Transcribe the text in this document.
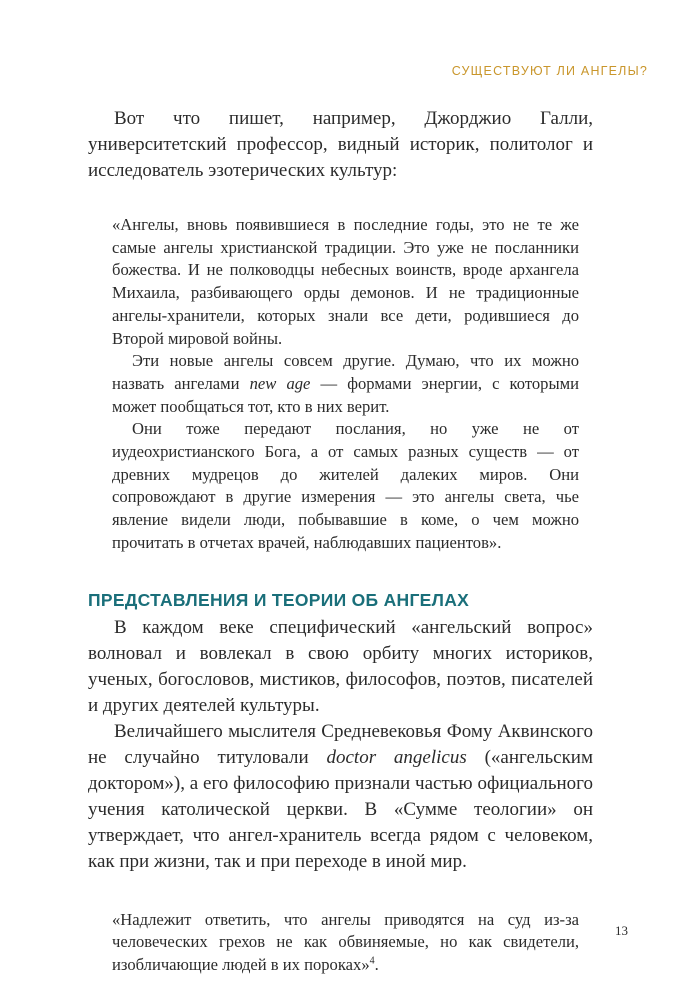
СУЩЕСТВУЮТ ЛИ АНГЕЛЫ?

Вот что пишет, например, Джорджио Галли, университетский профессор, видный историк, политолог и исследователь эзотерических культур:

«Ангелы, вновь появившиеся в последние годы, это не те же самые ангелы христианской традиции. Это уже не посланники божества. И не полководцы небесных воинств, вроде архангела Михаила, разбивающего орды демонов. И не традиционные ангелы-хранители, которых знали все дети, родившиеся до Второй мировой войны.

Эти новые ангелы совсем другие. Думаю, что их можно назвать ангелами new age — формами энергии, с которыми может пообщаться тот, кто в них верит.

Они тоже передают послания, но уже не от иудеохристианского Бога, а от самых разных существ — от древних мудрецов до жителей далеких миров. Они сопровождают в другие измерения — это ангелы света, чье явление видели люди, побывавшие в коме, о чем можно прочитать в отчетах врачей, наблюдавших пациентов».

ПРЕДСТАВЛЕНИЯ И ТЕОРИИ ОБ АНГЕЛАХ

В каждом веке специфический «ангельский вопрос» волновал и вовлекал в свою орбиту многих историков, ученых, богословов, мистиков, философов, поэтов, писателей и других деятелей культуры.

Величайшего мыслителя Средневековья Фому Аквинского не случайно титуловали doctor angelicus («ангельским доктором»), а его философию признали частью официального учения католической церкви. В «Сумме теологии» он утверждает, что ангел-хранитель всегда рядом с человеком, как при жизни, так и при переходе в иной мир.

«Надлежит ответить, что ангелы приводятся на суд из-за человеческих грехов не как обвиняемые, но как свидетели, изобличающие людей в их пороках»$^4$.

13
